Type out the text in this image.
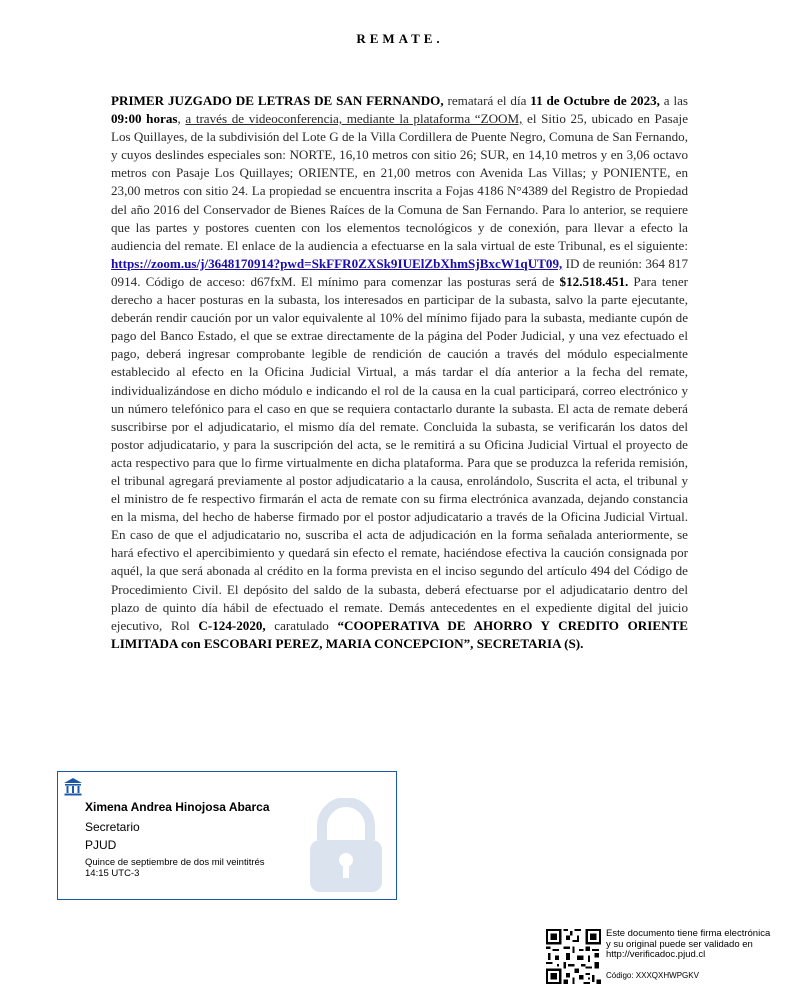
REMATE.
PRIMER JUZGADO DE LETRAS DE SAN FERNANDO, rematará el día 11 de Octubre de 2023, a las 09:00 horas, a través de videoconferencia, mediante la plataforma “ZOOM, el Sitio 25, ubicado en Pasaje Los Quillayes, de la subdivisión del Lote G de la Villa Cordillera de Puente Negro, Comuna de San Fernando, y cuyos deslindes especiales son: NORTE, 16,10 metros con sitio 26; SUR, en 14,10 metros y en 3,06 octavo metros con Pasaje Los Quillayes; ORIENTE, en 21,00 metros con Avenida Las Villas; y PONIENTE, en 23,00 metros con sitio 24. La propiedad se encuentra inscrita a Fojas 4186 N°4389 del Registro de Propiedad del año 2016 del Conservador de Bienes Raíces de la Comuna de San Fernando. Para lo anterior, se requiere que las partes y postores cuenten con los elementos tecnológicos y de conexión, para llevar a efecto la audiencia del remate. El enlace de la audiencia a efectuarse en la sala virtual de este Tribunal, es el siguiente: https://zoom.us/j/3648170914?pwd=SkFFR0ZXSk9IUElZbXhmSjBxcW1qUT09, ID de reunión: 364 817 0914. Código de acceso: d67fxM. El mínimo para comenzar las posturas será de $12.518.451. Para tener derecho a hacer posturas en la subasta, los interesados en participar de la subasta, salvo la parte ejecutante, deberán rendir caución por un valor equivalente al 10% del mínimo fijado para la subasta, mediante cupón de pago del Banco Estado, el que se extrae directamente de la página del Poder Judicial, y una vez efectuado el pago, deberá ingresar comprobante legible de rendición de caución a través del módulo especialmente establecido al efecto en la Oficina Judicial Virtual, a más tardar el día anterior a la fecha del remate, individualizándose en dicho módulo e indicando el rol de la causa en la cual participará, correo electrónico y un número telefónico para el caso en que se requiera contactarlo durante la subasta. El acta de remate deberá suscribirse por el adjudicatario, el mismo día del remate. Concluida la subasta, se verificarán los datos del postor adjudicatario, y para la suscripción del acta, se le remitirá a su Oficina Judicial Virtual el proyecto de acta respectivo para que lo firme virtualmente en dicha plataforma. Para que se produzca la referida remisión, el tribunal agregará previamente al postor adjudicatario a la causa, enrolándolo, Suscrita el acta, el tribunal y el ministro de fe respectivo firmarán el acta de remate con su firma electrónica avanzada, dejando constancia en la misma, del hecho de haberse firmado por el postor adjudicatario a través de la Oficina Judicial Virtual. En caso de que el adjudicatario no, suscriba el acta de adjudicación en la forma señalada anteriormente, se hará efectivo el apercibimiento y quedará sin efecto el remate, haciéndose efectiva la caución consignada por aquél, la que será abonada al crédito en la forma prevista en el inciso segundo del artículo 494 del Código de Procedimiento Civil. El depósito del saldo de la subasta, deberá efectuarse por el adjudicatario dentro del plazo de quinto día hábil de efectuado el remate. Demás antecedentes en el expediente digital del juicio ejecutivo, Rol C-124-2020, caratulado “COOPERATIVA DE AHORRO Y CREDITO ORIENTE LIMITADA con ESCOBARI PEREZ, MARIA CONCEPCION”, SECRETARIA (S).
Ximena Andrea Hinojosa Abarca
Secretario
PJUD
Quince de septiembre de dos mil veintitrés
14:15 UTC-3
Este documento tiene firma electrónica
y su original puede ser validado en
http://verificadoc.pjud.cl
Código: XXXQXHWPGKV
